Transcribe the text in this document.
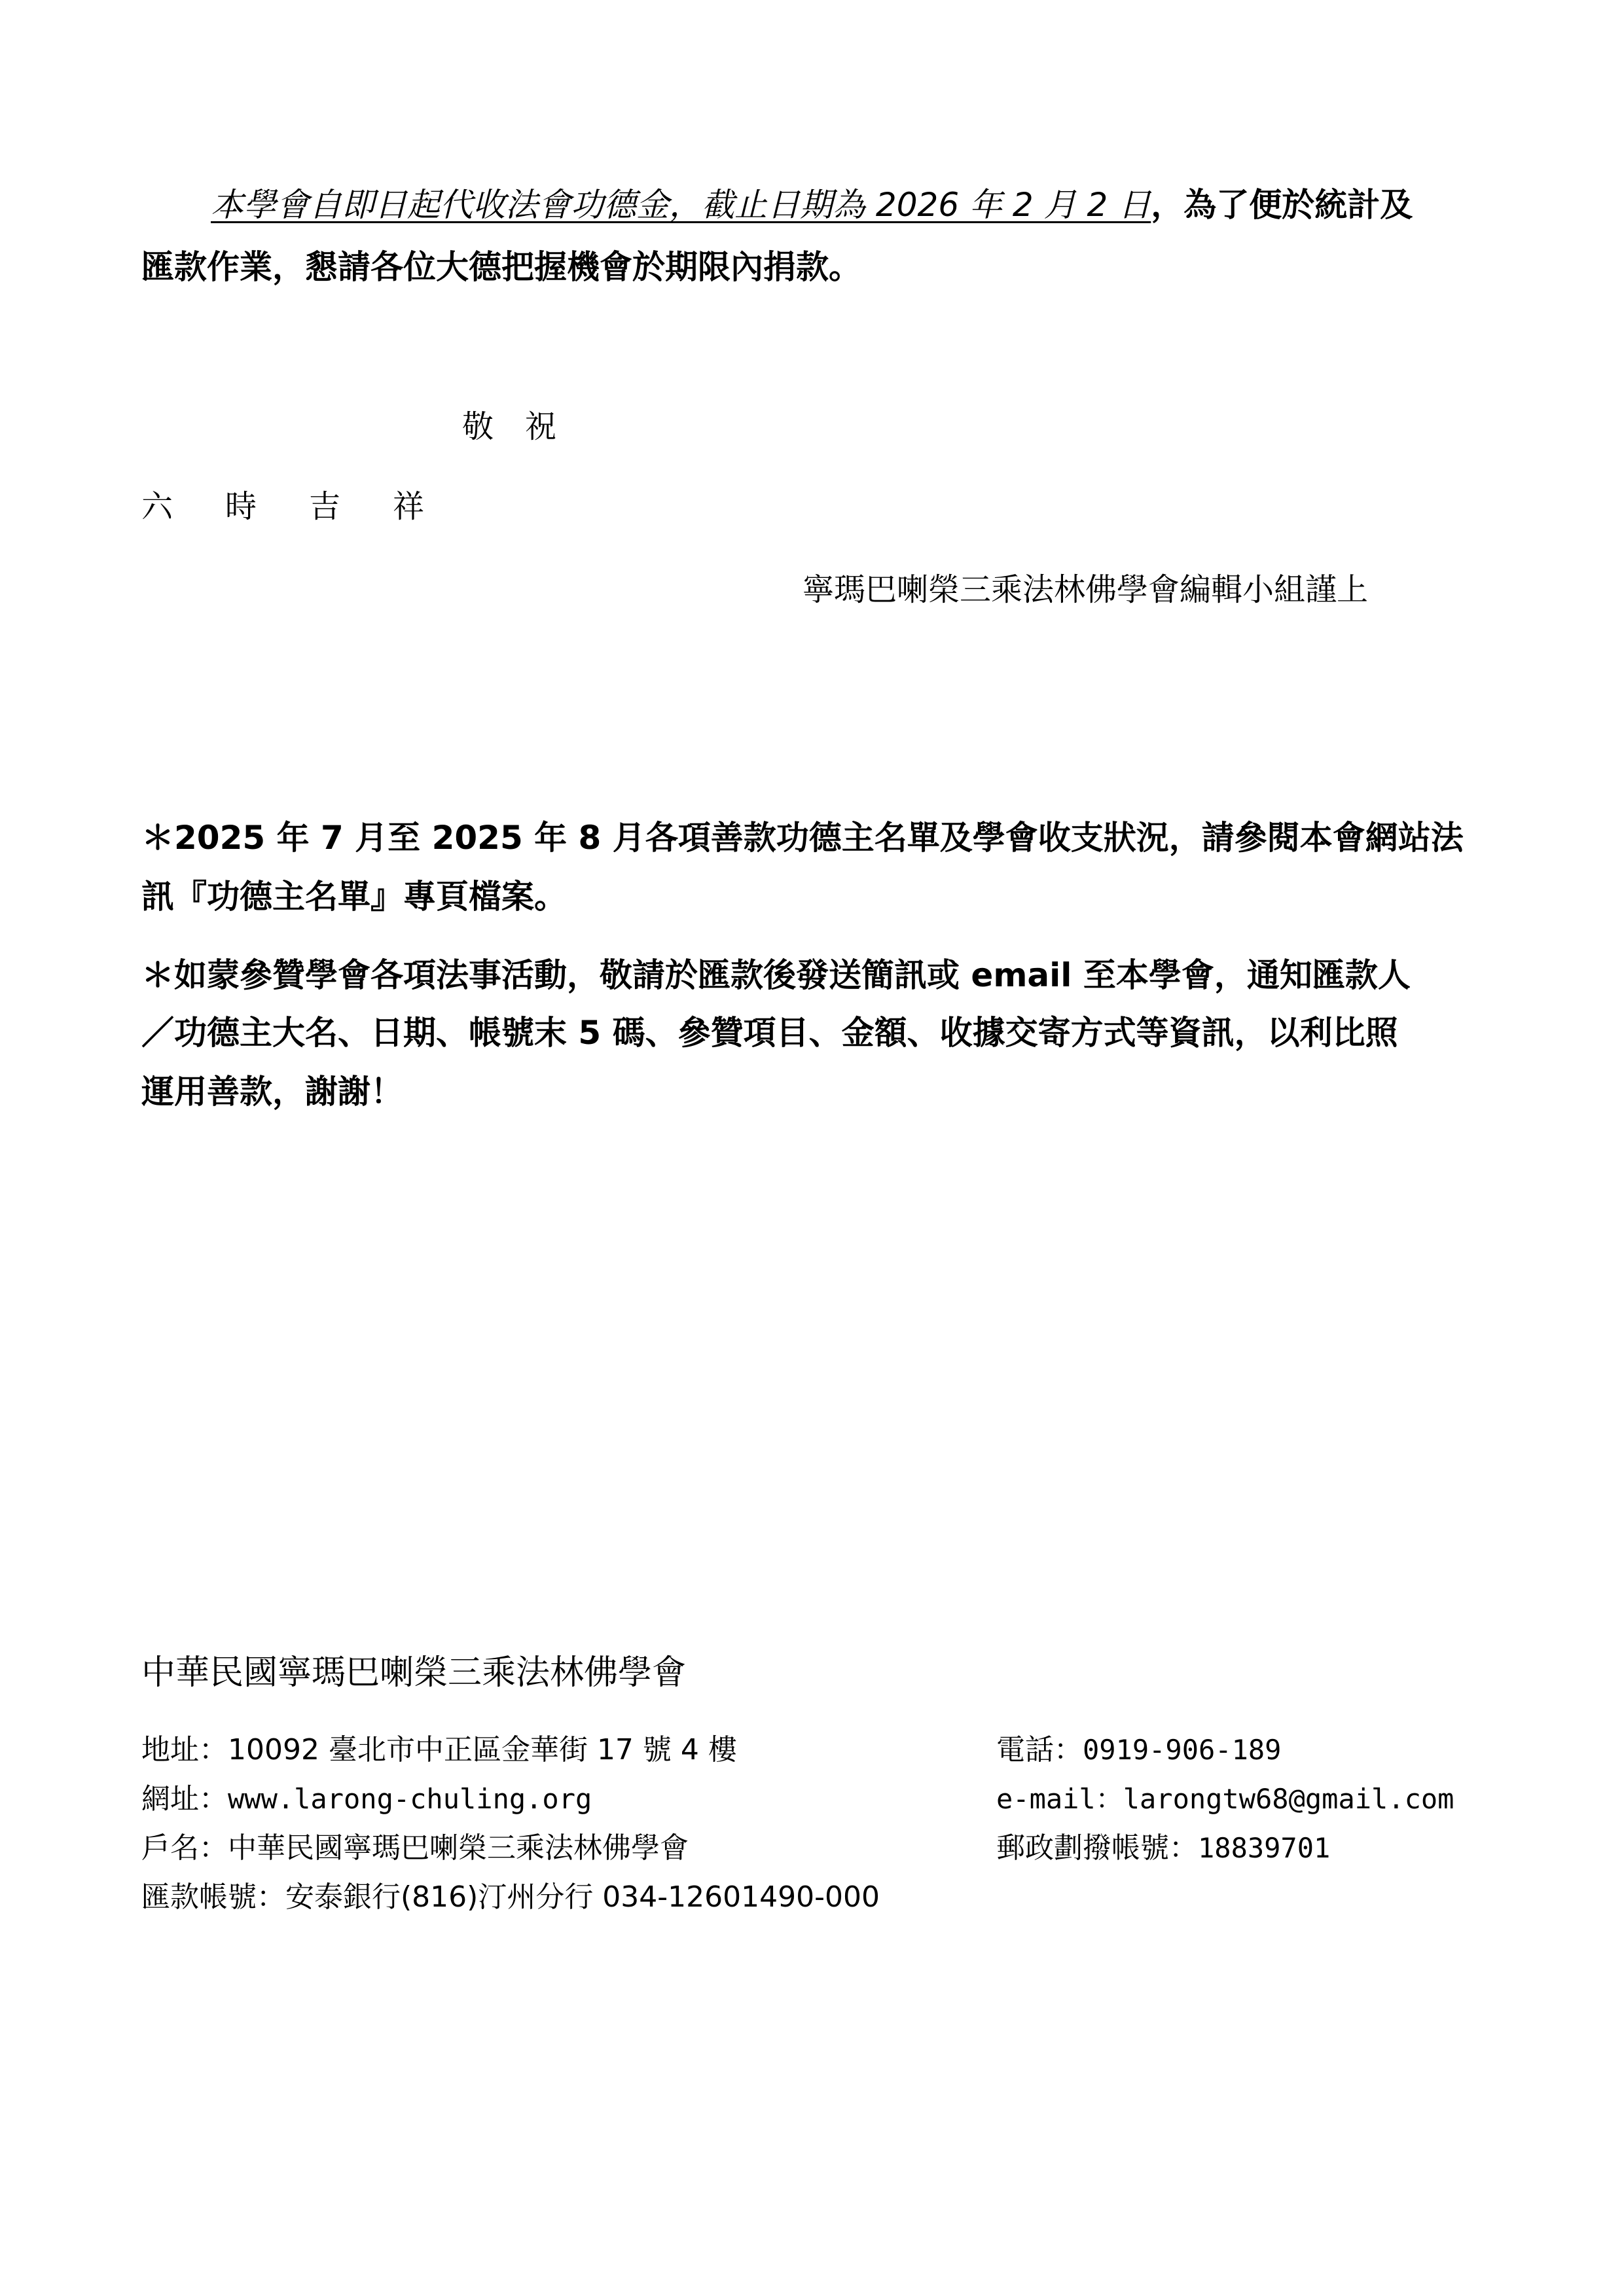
本學會自即日起代收法會功德金，截止日期為 2026 年 2 月 2 日，為了便於統計及
匯款作業，懇請各位大德把握機會於期限內捐款。
敬祝
六時吉祥
寧瑪巴喇榮三乘法林佛學會編輯小組謹上
＊2025 年 7 月至 2025 年 8 月各項善款功德主名單及學會收支狀況，請參閱本會網站法
訊『功德主名單』專頁檔案。
＊如蒙參贊學會各項法事活動，敬請於匯款後發送簡訊或 email 至本學會，通知匯款人
／功德主大名、日期、帳號末 5 碼、參贊項目、金額、收據交寄方式等資訊，以利比照
運用善款，謝謝！
中華民國寧瑪巴喇榮三乘法林佛學會
地址：10092 臺北市中正區金華街 17 號 4 樓	電話：0919-906-189
網址：www.larong-chuling.org	e-mail：larongtw68@gmail.com
戶名：中華民國寧瑪巴喇榮三乘法林佛學會	郵政劃撥帳號：18839701
匯款帳號：安泰銀行(816)汀州分行 034-12601490-000
